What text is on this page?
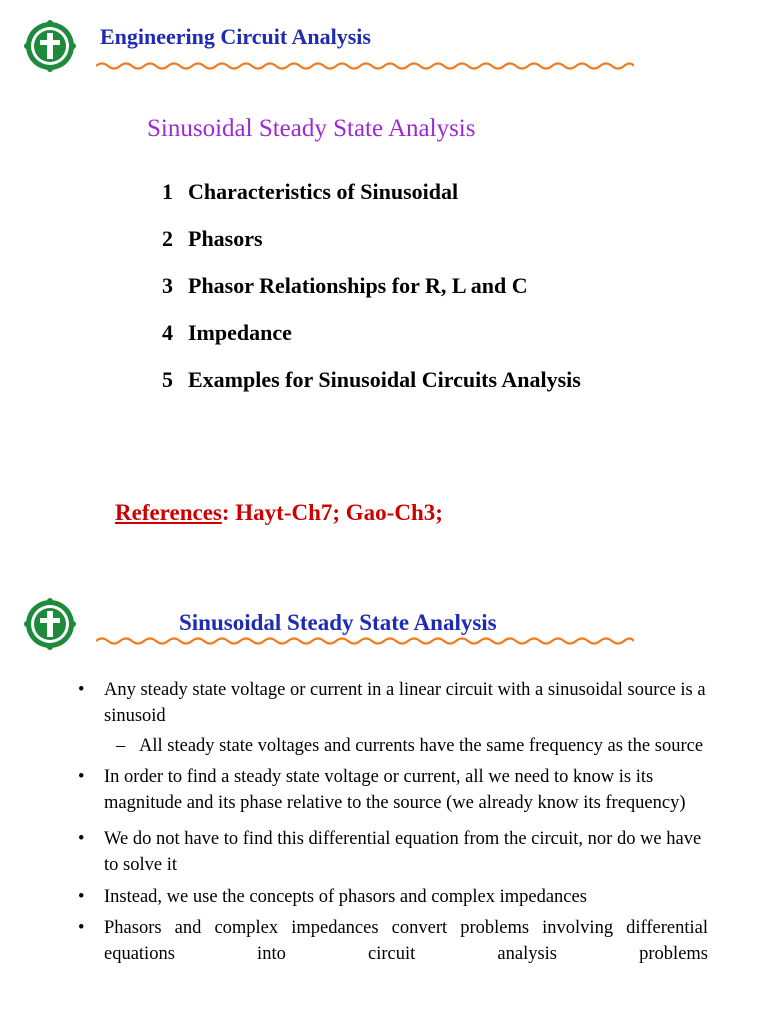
Engineering Circuit Analysis
Sinusoidal Steady State Analysis
1 Characteristics of Sinusoidal
2 Phasors
3 Phasor Relationships for R, L and C
4 Impedance
5 Examples for Sinusoidal Circuits Analysis
References: Hayt-Ch7; Gao-Ch3;
Sinusoidal Steady State Analysis
•	Any steady state voltage or current in a linear circuit with a sinusoidal source is a sinusoid
– All steady state voltages and currents have the same frequency as the source
•	In order to find a steady state voltage or current, all we need to know is its magnitude and its phase relative to the source (we already know its frequency)
•	We do not have to find this differential equation from the circuit, nor do we have to solve it
•	Instead, we use the concepts of phasors and complex impedances
•	Phasors and complex impedances convert problems involving differential equations into circuit analysis problems
